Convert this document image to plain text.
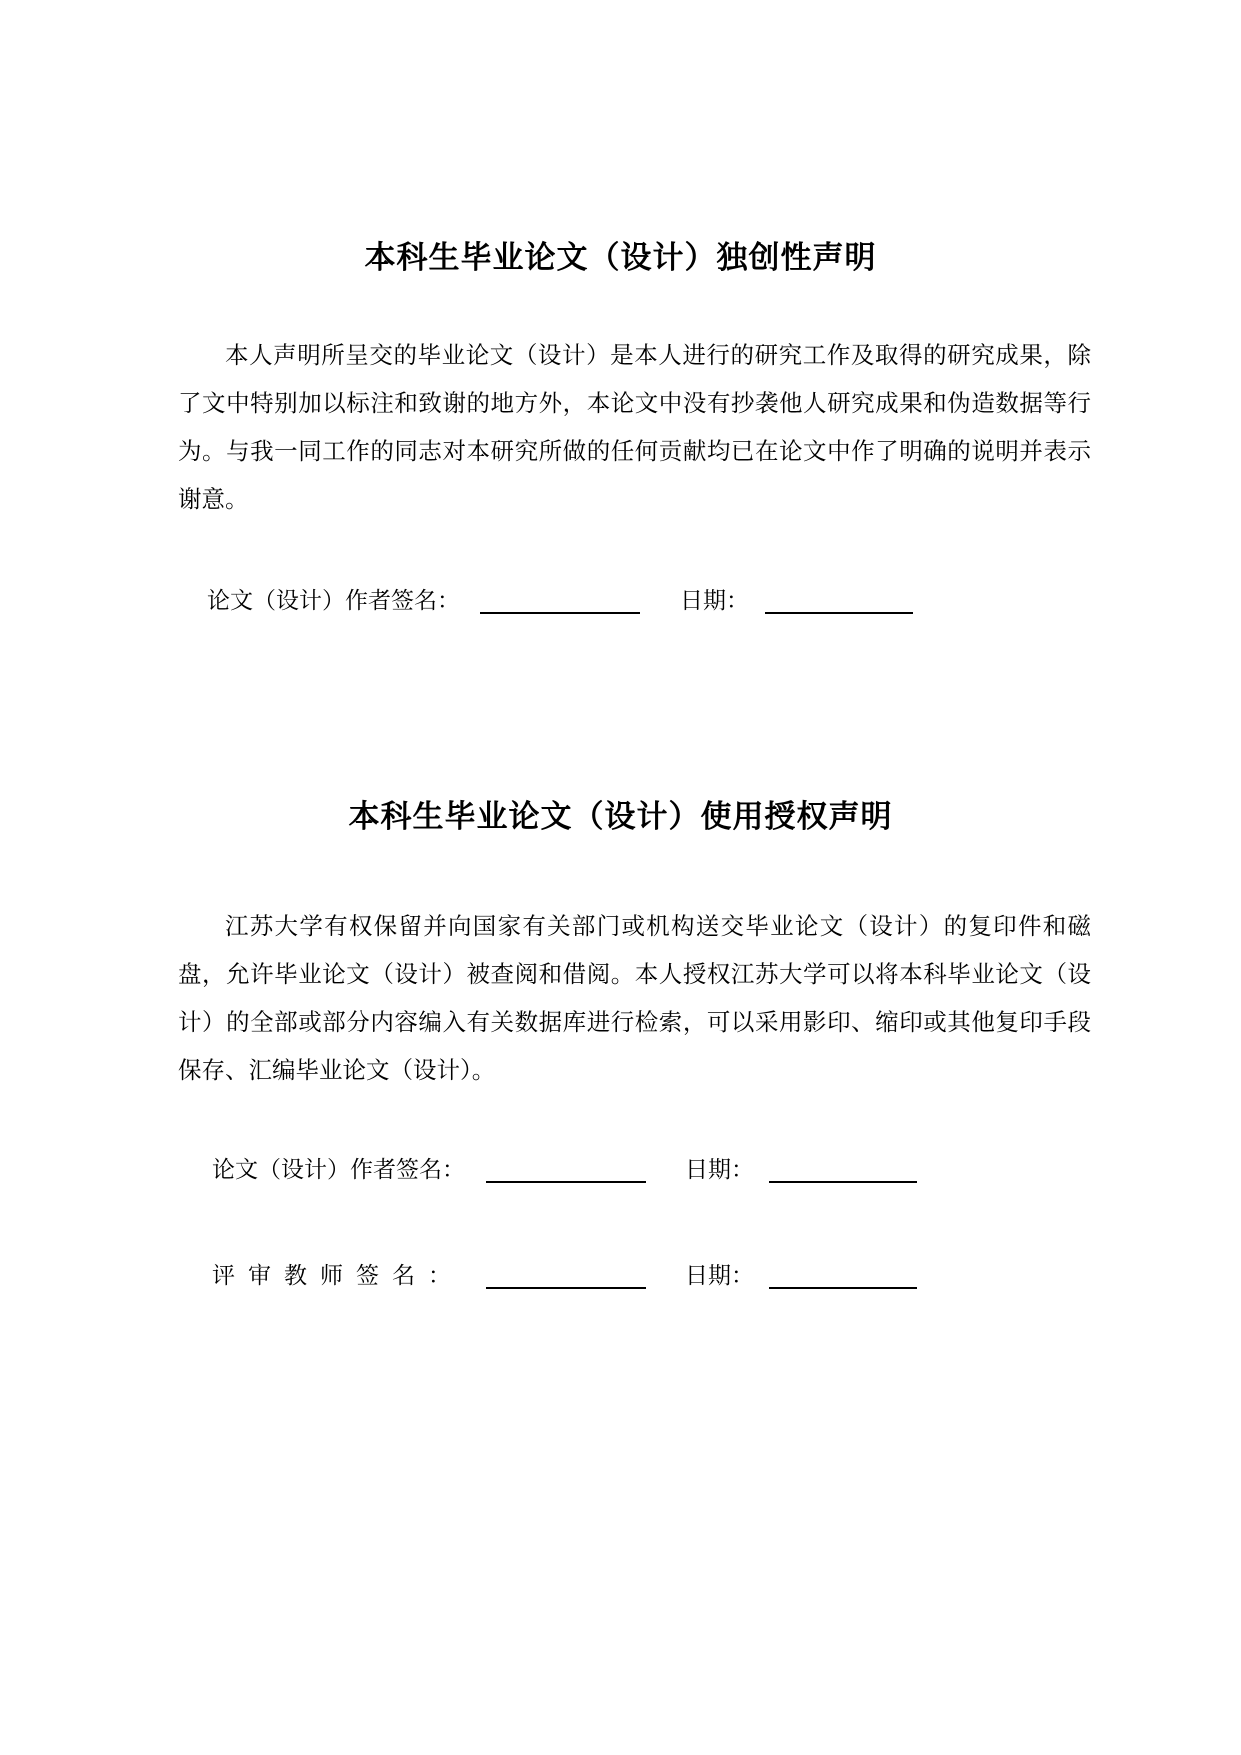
本科生毕业论文（设计）独创性声明

本人声明所呈交的毕业论文（设计）是本人进行的研究工作及取得的研究成果，除了文中特别加以标注和致谢的地方外，本论文中没有抄袭他人研究成果和伪造数据等行为。与我一同工作的同志对本研究所做的任何贡献均已在论文中作了明确的说明并表示谢意。

论文（设计）作者签名：	日期：
本科生毕业论文（设计）使用授权声明

江苏大学有权保留并向国家有关部门或机构送交毕业论文（设计）的复印件和磁盘，允许毕业论文（设计）被查阅和借阅。本人授权江苏大学可以将本科毕业论文（设计）的全部或部分内容编入有关数据库进行检索，可以采用影印、缩印或其他复印手段保存、汇编毕业论文（设计）。

论文（设计）作者签名：	日期：
评审教师签名：	日期：
